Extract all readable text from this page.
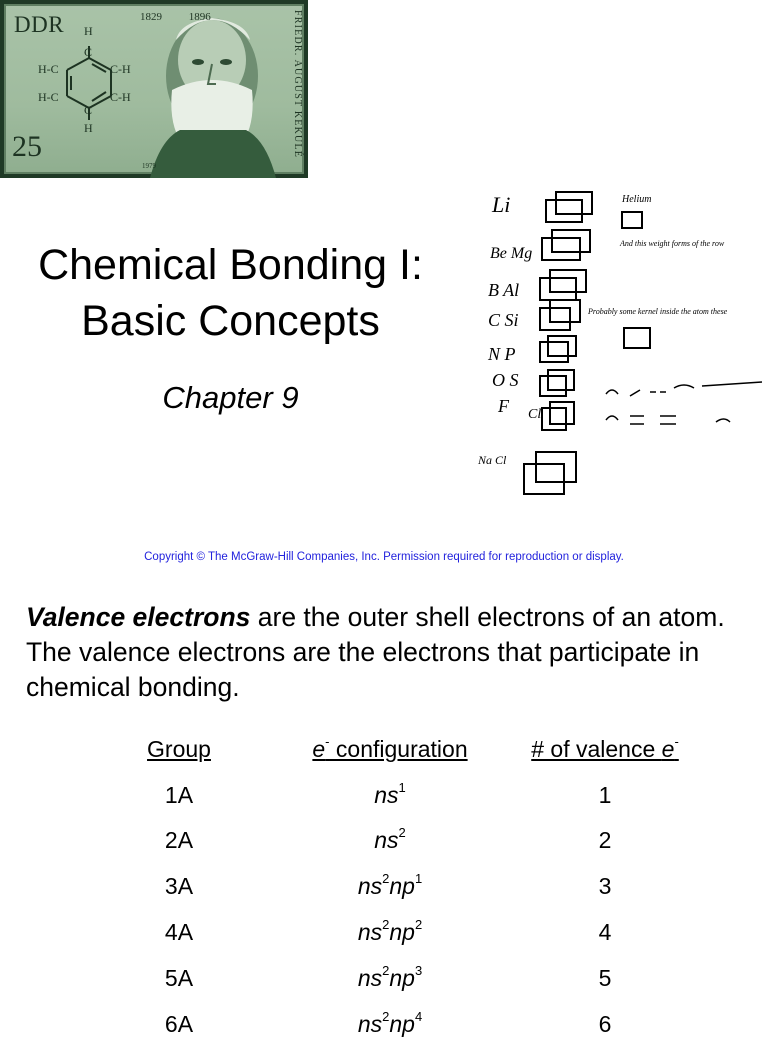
DDR
25
1829 1896	FRIEDR. AUGUST KEKULÉ
1979
H
C
C
H
H-C	C-H
H-C	C-H
Chemical Bonding I:
Basic Concepts
Chapter 9
Li
Be Mg
B Al
C Si
N P
O S
F Cl
Na Cl
Helium
And this weight forms of the row
Probably some kernel inside the atom these
Copyright © The McGraw-Hill Companies, Inc. Permission required for reproduction or display.
Valence electrons are the outer shell electrons of an atom. The valence electrons are the electrons that participate in chemical bonding.
Group	e- configuration	# of valence e-
1A	$ns^1$	1
2A	$ns^2$	2
3A	$ns^2np^1$	3
4A	$ns^2np^2$	4
5A	$ns^2np^3$	5
6A	$ns^2np^4$	6
